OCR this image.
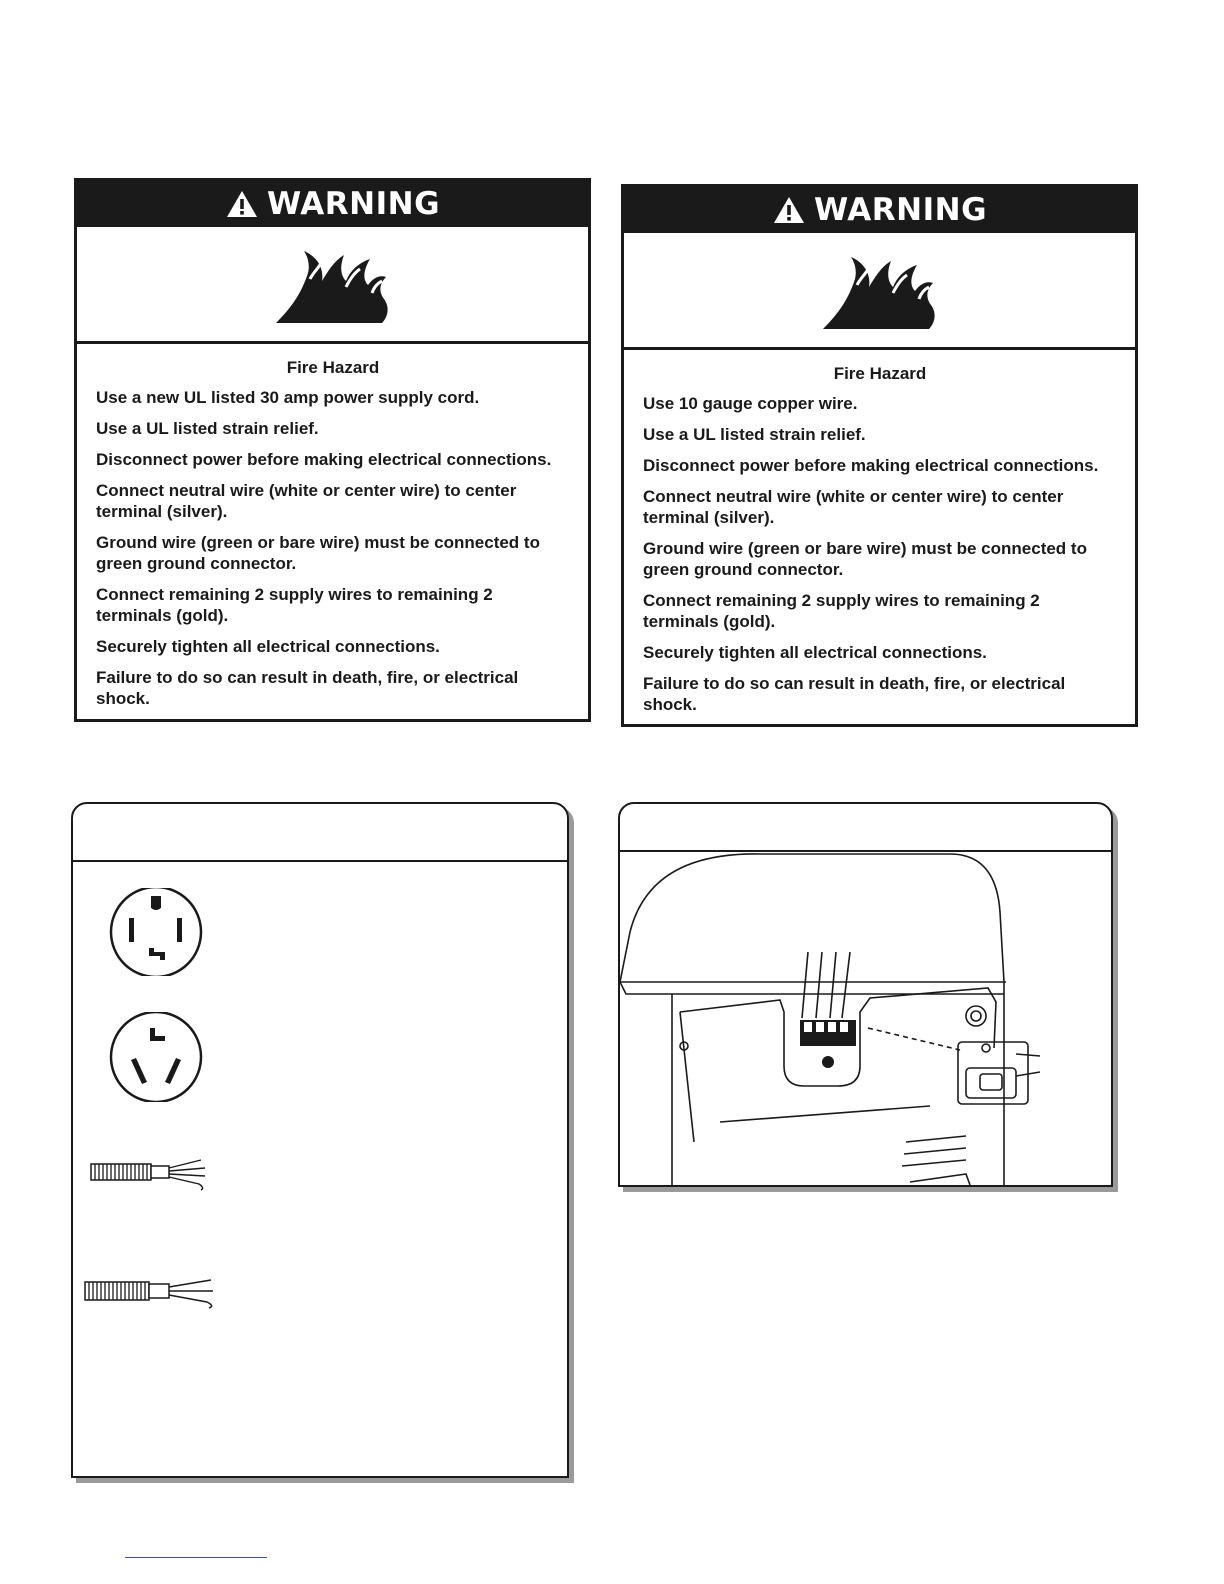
WARNING
Fire Hazard
Use a new UL listed 30 amp power supply cord.
Use a UL listed strain relief.
Disconnect power before making electrical connections.
Connect neutral wire (white or center wire) to center terminal (silver).
Ground wire (green or bare wire) must be connected to green ground connector.
Connect remaining 2 supply wires to remaining 2 terminals (gold).
Securely tighten all electrical connections.
Failure to do so can result in death, fire, or electrical shock.
WARNING
Fire Hazard
Use 10 gauge copper wire.
Use a UL listed strain relief.
Disconnect power before making electrical connections.
Connect neutral wire (white or center wire) to center terminal (silver).
Ground wire (green or bare wire) must be connected to green ground connector.
Connect remaining 2 supply wires to remaining 2 terminals (gold).
Securely tighten all electrical connections.
Failure to do so can result in death, fire, or electrical shock.
